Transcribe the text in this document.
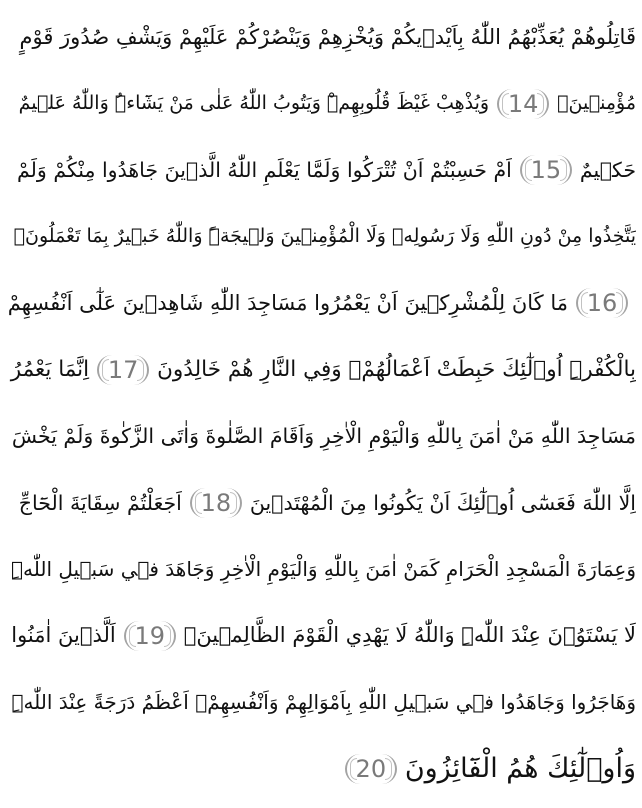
قَاتِلُوهُمْ يُعَذِّبْهُمُ اللّٰهُ بِاَيْد۪يكُمْ وَيُخْزِهِمْ وَيَنْصُرْكُمْ عَلَيْهِمْ وَيَشْفِ صُدُورَ قَوْمٍ
مُؤْمِن۪ينَۙ
14
وَيُذْهِبْ غَيْظَ قُلُوبِهِمْۜ وَيَتُوبُ اللّٰهُ عَلٰى مَنْ يَشَٓاءُۜ وَاللّٰهُ عَل۪يمٌ
حَك۪يمٌ
15
اَمْ حَسِبْتُمْ اَنْ تُتْرَكُوا وَلَمَّا يَعْلَمِ اللّٰهُ الَّذ۪ينَ جَاهَدُوا مِنْكُمْ وَلَمْ
يَتَّخِذُوا مِنْ دُونِ اللّٰهِ وَلَا رَسُولِه۪ وَلَا الْمُؤْمِن۪ينَ وَل۪يجَةًۜ وَاللّٰهُ خَب۪يرٌ بِمَا تَعْمَلُونَ۟
16
مَا كَانَ لِلْمُشْرِك۪ينَ اَنْ يَعْمُرُوا مَسَاجِدَ اللّٰهِ شَاهِد۪ينَ عَلٰٓى اَنْفُسِهِمْ
بِالْكُفْرِۜ اُو۬لٰٓئِكَ حَبِطَتْ اَعْمَالُهُمْۚ وَفِي النَّارِ هُمْ خَالِدُونَ
17
اِنَّمَا يَعْمُرُ
مَسَاجِدَ اللّٰهِ مَنْ اٰمَنَ بِاللّٰهِ وَالْيَوْمِ الْاٰخِرِ وَاَقَامَ الصَّلٰوةَ وَاٰتَى الزَّكٰوةَ وَلَمْ يَخْشَ
اِلَّا اللّٰهَ فَعَسٰٓى اُو۬لٰٓئِكَ اَنْ يَكُونُوا مِنَ الْمُهْتَد۪ينَ
18
اَجَعَلْتُمْ سِقَايَةَ الْحَٓاجِّ
وَعِمَارَةَ الْمَسْجِدِ الْحَرَامِ كَمَنْ اٰمَنَ بِاللّٰهِ وَالْيَوْمِ الْاٰخِرِ وَجَاهَدَ ف۪ي سَب۪يلِ اللّٰهِۜ
لَا يَسْتَوُ۫نَ عِنْدَ اللّٰهِۜ وَاللّٰهُ لَا يَهْدِي الْقَوْمَ الظَّالِم۪ينَۢ
19
اَلَّذ۪ينَ اٰمَنُوا
وَهَاجَرُوا وَجَاهَدُوا ف۪ي سَب۪يلِ اللّٰهِ بِاَمْوَالِهِمْ وَاَنْفُسِهِمْۙ اَعْظَمُ دَرَجَةً عِنْدَ اللّٰهِۜ
وَاُو۬لٰٓئِكَ هُمُ الْفَٓائِزُونَ
20
